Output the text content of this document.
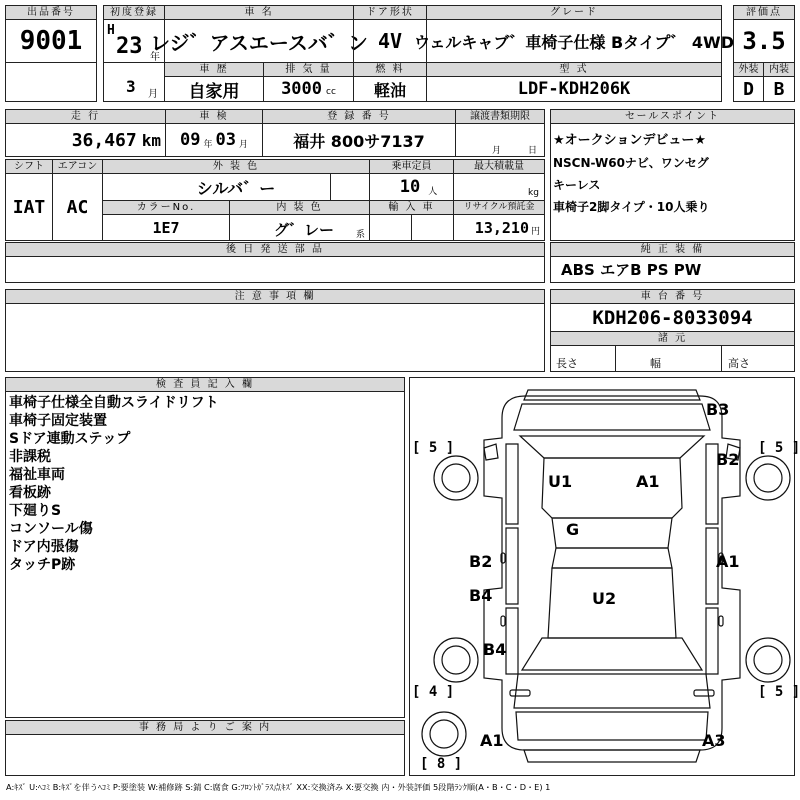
出品番号
9001
初度登録
H
23 年
車 名
レジ゛アスエースバ゛ン
ドア形状
4V
グレード
ウェルキャブ゛車椅子仕様 Bタイプ゛ 4WD
評価点
3.5
3 月
車 歴
自家用
排 気 量
3000 cc
燃 料
軽油
型 式
LDF-KDH206K
外装	内装
D	B
走 行
36,467 km
車 検
09 年 03 月
登 録 番 号
福井 800サ7137
譲渡書類期限
月	日
シフト
IAT
エアコン
AC
外 装 色
シルバ゛ー
乗車定員
10 人
最大積載量
kg
カラーNo.
1E7
内 装 色
グ゛レー 系
輸 入 車	リサイクル預託金
13,210 円
後 日 発 送 部 品
セールスポイント
★オークションデビュー★
NSCN-W60ナビ、ワンセグ
キーレス
車椅子2脚タイプ・10人乗り
純 正 装 備
ABS エアB PS PW
注 意 事 項 欄	車 台 番 号
KDH206-8033094
諸 元
長さ	幅	高さ
検 査 員 記 入 欄
車椅子仕様全自動スライドリフト
車椅子固定装置
Sドア連動ステップ
非課税
福祉車両
看板跡
下廻りS
コンソール傷
ドア内張傷
タッチP跡
事 務 局 よ り ご 案 内
B3
B2
U1	A1
G
B2	A1
B4	U2
B4
A1	A3
[ 5 ]	[ 5 ]
[ 4 ]	[ 5 ]
[ 8 ]
A:ｷｽﾞ U:ﾍｺﾐ B:ｷｽﾞを伴うﾍｺﾐ P:要塗装 W:補修跡 S:錆 C:腐食 G:ﾌﾛﾝﾄｶﾞﾗｽ点ｷｽﾞ XX:交換済み X:要交換 内・外装評価 5段階ﾗﾝｸ順(A・B・C・D・E) 1
